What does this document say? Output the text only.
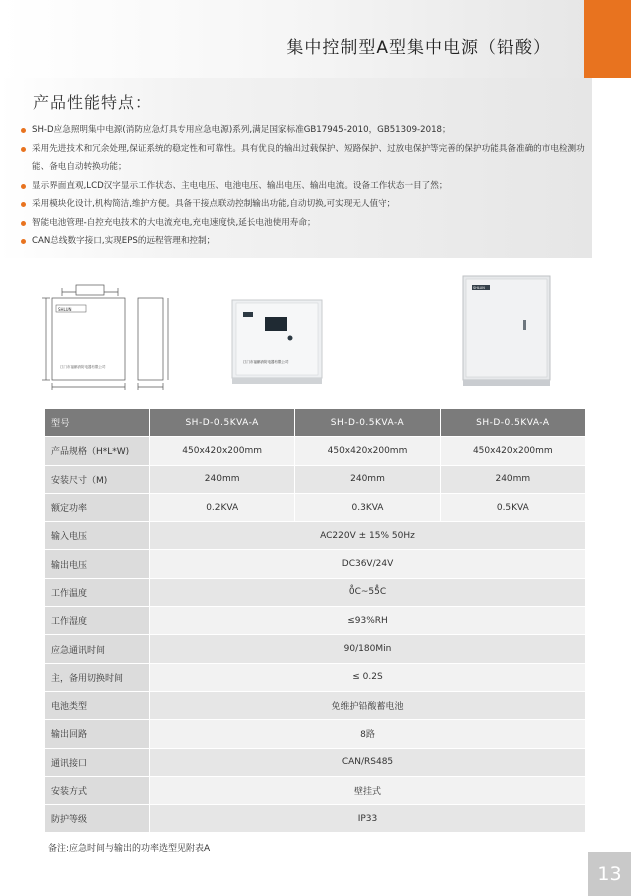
集中控制型A型集中电源（铅酸）
产品性能特点：
SH-D应急照明集中电源(消防应急灯具专用应急电源)系列,满足国家标准GB17945-2010，GB51309-2018；
采用先进技术和冗余处理,保证系统的稳定性和可靠性。具有优良的输出过载保护、短路保护、过放电保护等完善的保护功能具备准确的市电检测功能、备电自动转换功能；
显示界面直观,LCD汉字显示工作状态、主电电压、电池电压、输出电压、输出电流。设备工作状态一目了然；
采用模块化设计,机构简洁,维护方便。具备干接点联动控制输出功能,自动切换,可实现无人值守；
智能电池管理-自控充电技术的大电流充电,充电速度快,延长电池使用寿命；
CAN总线数字接口,实现EPS的远程管理和控制；
SHLUN
江门市福鹏消防电器有限公司
江门市福鹏消防电器有限公司
SHLUN
型号	SH-D-0.5KVA-A	SH-D-0.5KVA-A	SH-D-0.5KVA-A
产品规格（H*L*W)	450x420x200mm	450x420x200mm	450x420x200mm
安装尺寸（M)	240mm	240mm	240mm
额定功率	0.2KVA	0.3KVA	0.5KVA
输入电压	AC220V ± 15% 50Hz		
输出电压	DC36V/24V		
工作温度	0̊C~55̊C		
工作湿度	≤93%RH		
应急通讯时间	90/180Min		
主，备用切换时间	≤ 0.2S		
电池类型	免维护铅酸蓄电池		
输出回路	8路		
通讯接口	CAN/RS485		
安装方式	壁挂式		
防护等级	IP33		
备注:应急时间与输出的功率选型见附表A
13
